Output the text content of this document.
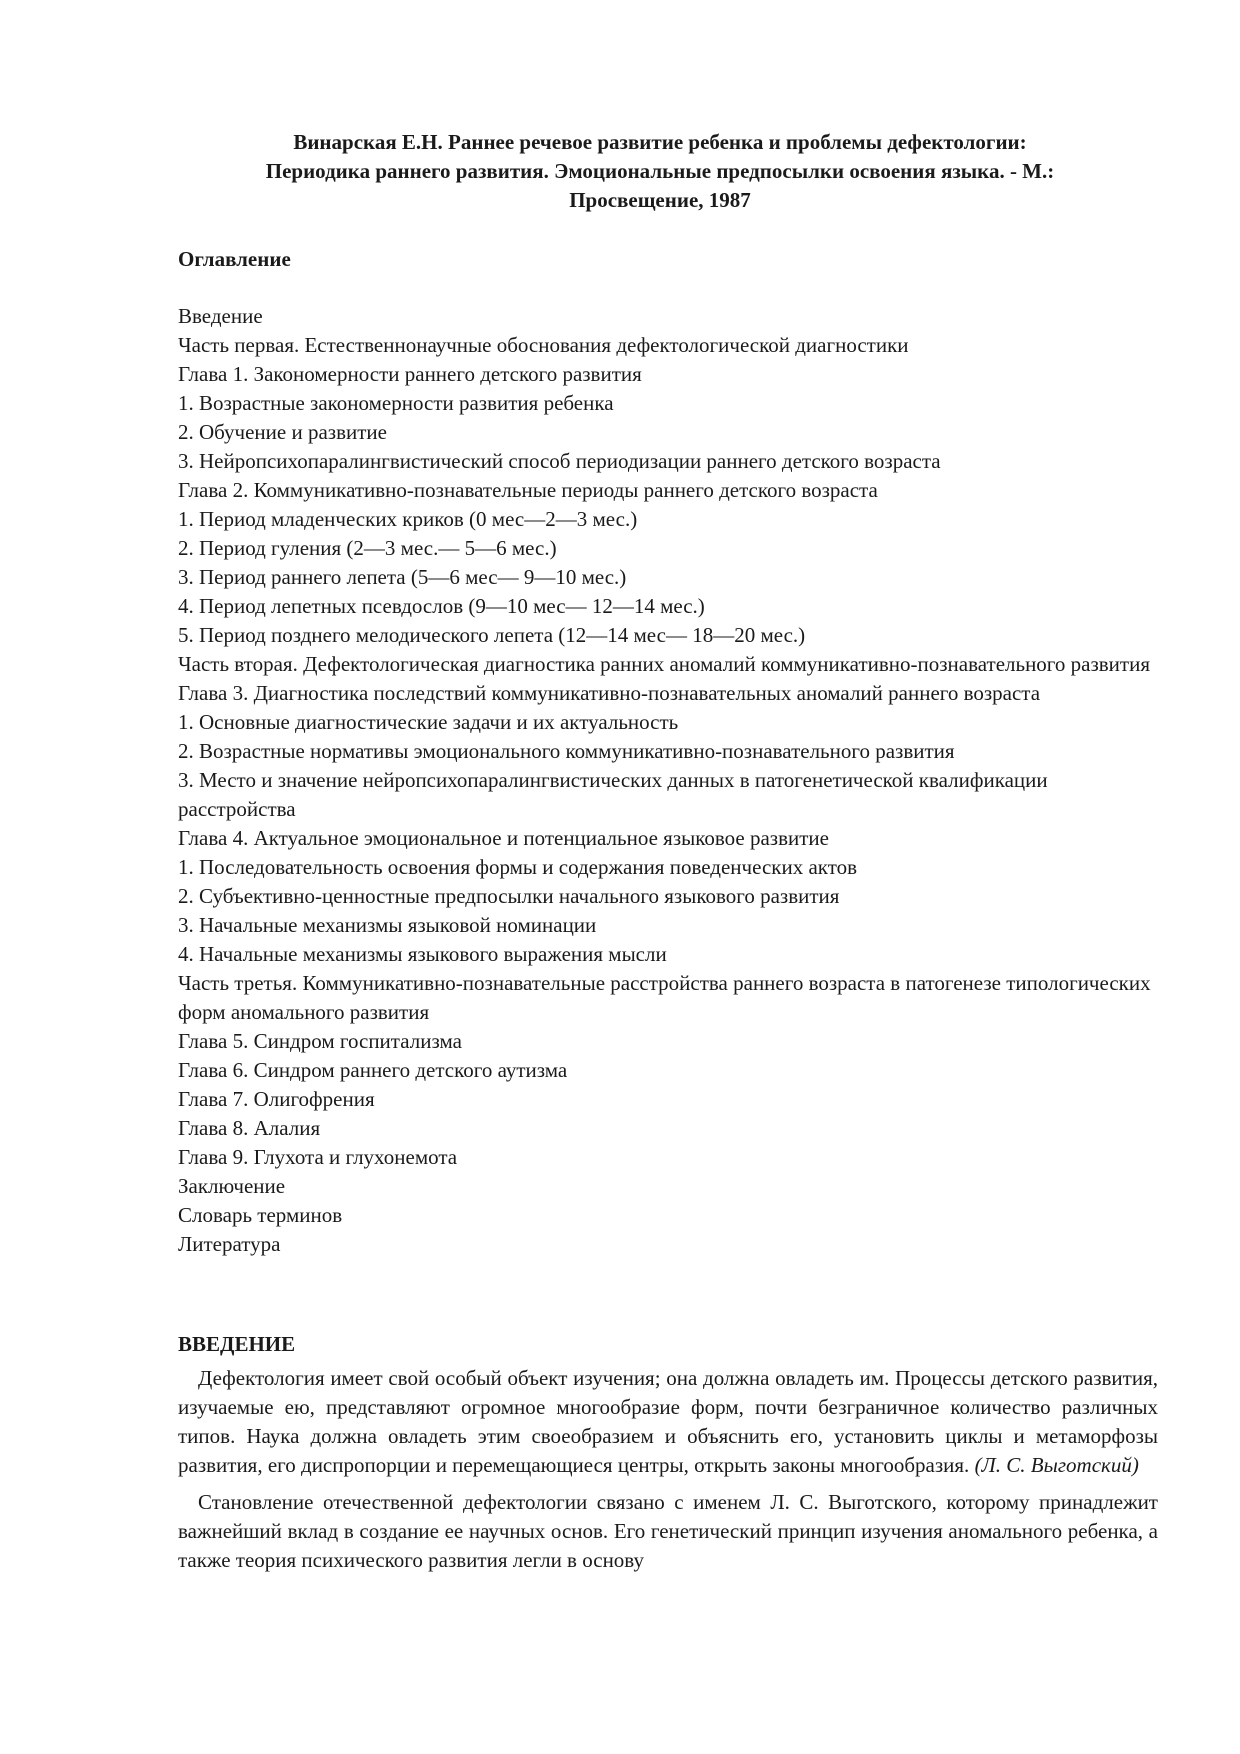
Винарская Е.Н. Раннее речевое развитие ребенка и проблемы дефектологии:
Периодика раннего развития. Эмоциональные предпосылки освоения языка. - М.:
Просвещение, 1987
Оглавление
Введение
Часть первая. Естественнонаучные обоснования дефектологической диагностики
Глава 1. Закономерности раннего детского развития
1. Возрастные закономерности развития ребенка
2. Обучение и развитие
3. Нейропсихопаралингвистический способ периодизации раннего детского возраста
Глава 2. Коммуникативно-познавательные периоды раннего детского возраста
1. Период младенческих криков (0 мес—2—3 мес.)
2. Период гуления (2—3 мес.— 5—6 мес.)
3. Период раннего лепета (5—6 мес— 9—10 мес.)
4. Период лепетных псевдослов (9—10 мес— 12—14 мес.)
5. Период позднего мелодического лепета (12—14 мес— 18—20 мес.)
Часть вторая. Дефектологическая диагностика ранних аномалий коммуникативно-познавательного развития
Глава 3. Диагностика последствий коммуникативно-познавательных аномалий раннего возраста
1. Основные диагностические задачи и их актуальность
2. Возрастные нормативы эмоционального коммуникативно-познавательного развития
3. Место и значение нейропсихопаралингвистических данных в патогенетической квалификации расстройства
Глава 4. Актуальное эмоциональное и потенциальное языковое развитие
1. Последовательность освоения формы и содержания поведенческих актов
2. Субъективно-ценностные предпосылки начального языкового развития
3. Начальные механизмы языковой номинации
4. Начальные механизмы языкового выражения мысли
Часть третья. Коммуникативно-познавательные расстройства раннего возраста в патогенезе типологических форм аномального развития
Глава 5. Синдром госпитализма
Глава 6. Синдром раннего детского аутизма
Глава 7. Олигофрения
Глава 8. Алалия
Глава 9. Глухота и глухонемота
Заключение
Словарь терминов
Литература
ВВЕДЕНИЕ

Дефектология имеет свой особый объект изучения; она должна овладеть им. Процессы детского развития, изучаемые ею, представляют огромное многообразие форм, почти безграничное количество различных типов. Наука должна овладеть этим своеобразием и объяснить его, установить циклы и метаморфозы развития, его диспропорции и перемещающиеся центры, открыть законы многообразия. (Л. С. Выготский)

Становление отечественной дефектологии связано с именем Л. С. Выготского, которому принадлежит важнейший вклад в создание ее научных основ. Его генетический принцип изучения аномального ребенка, а также теория психического развития легли в основу
